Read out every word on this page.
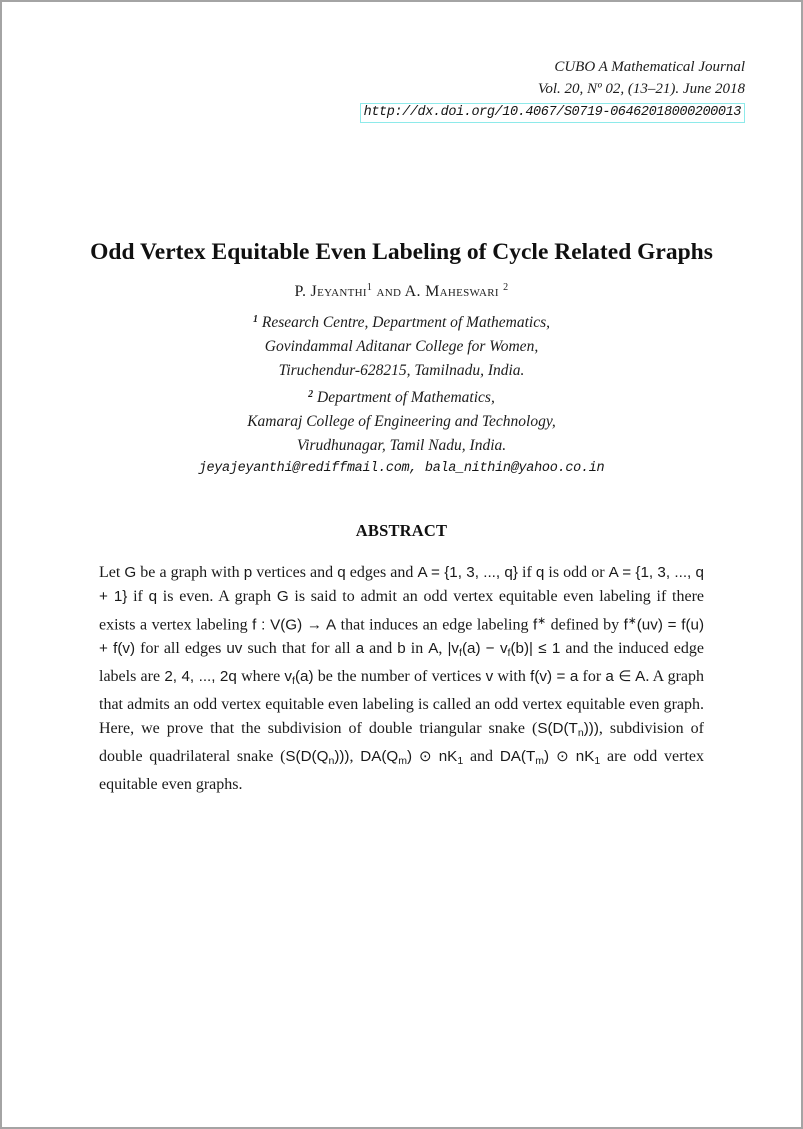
CUBO A Mathematical Journal
Vol. 20, Nº 02, (13–21). June 2018
http://dx.doi.org/10.4067/S0719-06462018000200013
Odd Vertex Equitable Even Labeling of Cycle Related Graphs
P. Jeyanthi$^1$ and A. Maheswari $^2$
$^1$ Research Centre, Department of Mathematics,
Govindammal Aditanar College for Women,
Tiruchendur-628215, Tamilnadu, India.
$^2$ Department of Mathematics,
Kamaraj College of Engineering and Technology,
Virudhunagar, Tamil Nadu, India.
jeyajeyanthi@rediffmail.com, bala_nithin@yahoo.co.in
ABSTRACT
Let G be a graph with p vertices and q edges and A = {1, 3, ..., q} if q is odd or A = {1, 3, ..., q + 1} if q is even. A graph G is said to admit an odd vertex equitable even labeling if there exists a vertex labeling f : V(G) → A that induces an edge labeling f∗ defined by f∗(uv) = f(u) + f(v) for all edges uv such that for all a and b in A, |vf(a) − vf(b)| ≤ 1 and the induced edge labels are 2, 4, ..., 2q where vf(a) be the number of vertices v with f(v) = a for a ∈ A. A graph that admits an odd vertex equitable even labeling is called an odd vertex equitable even graph. Here, we prove that the subdivision of double triangular snake (S(D(Tn))), subdivision of double quadrilateral snake (S(D(Qn))), DA(Qm) ⊙ nK1 and DA(Tm) ⊙ nK1 are odd vertex equitable even graphs.
